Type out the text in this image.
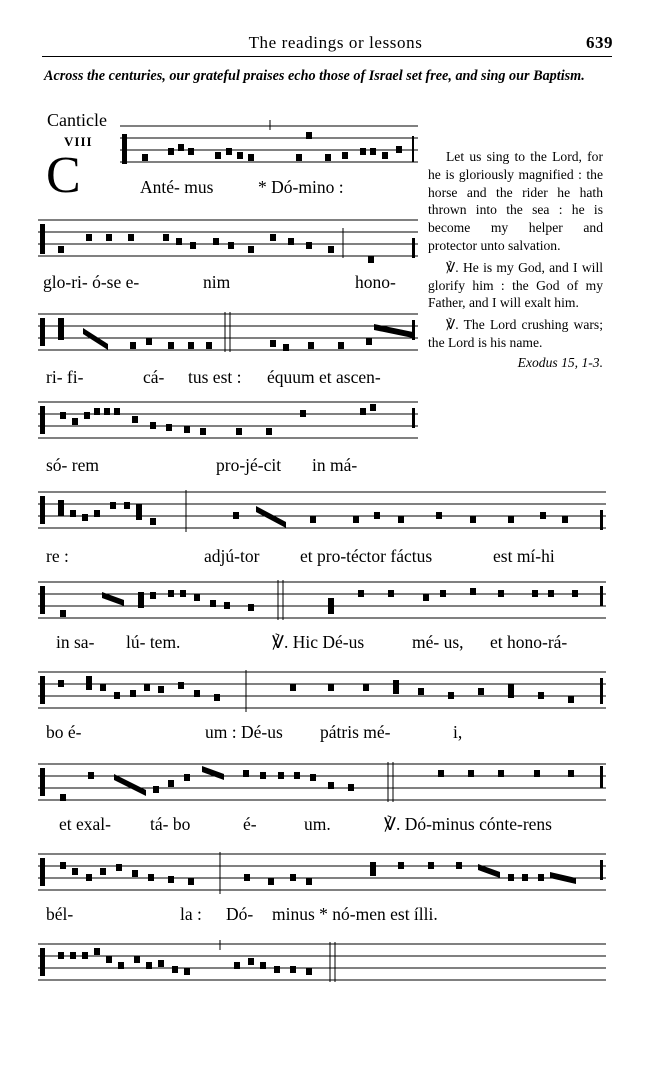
The readings or lessons	639
Across the centuries, our grateful praises echo those of Israel set free, and sing our Baptism.
Canticle
VIII
C	Anté- mus	* Dó-mino :
glo-ri- ó-se e-	nim	hono-
ri- fi-	cá- tus est : équum et ascen-
só- rem	pro-jé-cit in má-
re :	adjú-tor et pro-téctor fáctus	est mí-hi
in sa- lú- tem.	℣. Hic Dé-us	mé- us, et hono-rá-
bo é-	um : Dé-us pátris mé-	i,
et exal- tá- bo	é-	um.	℣. Dó-minus cónte-rens
bél-	la : Dó- minus * nó-men est ílli.

Let us sing to the Lord, for he is gloriously magnified : the horse and the rider he hath thrown into the sea : he is become my helper and protector unto salvation.

℣. He is my God, and I will glorify him : the God of my Father, and I will exalt him.

℣. The Lord crushing wars; the Lord is his name.

Exodus 15, 1-3.
